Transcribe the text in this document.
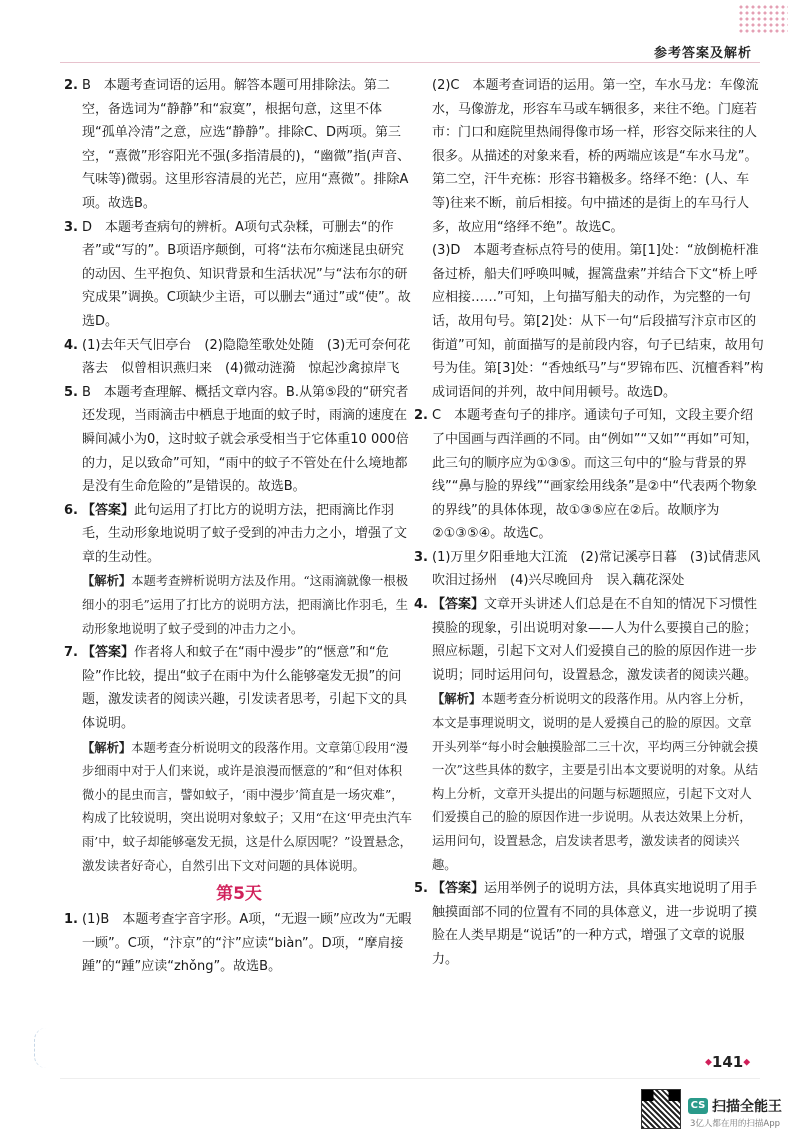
参考答案及解析
2. B　本题考查词语的运用。解答本题可用排除法。第二空，备选词为“静静”和“寂寞”，根据句意，这里不体现“孤单冷清”之意，应选“静静”。排除C、D两项。第三空，“熹微”形容阳光不强(多指清晨的)，“幽微”指(声音、气味等)微弱。这里形容清晨的光芒，应用“熹微”。排除A项。故选B。

3. D　本题考查病句的辨析。A项句式杂糅，可删去“的作者”或“写的”。B项语序颠倒，可将“法布尔痴迷昆虫研究的动因、生平抱负、知识背景和生活状况”与“法布尔的研究成果”调换。C项缺少主语，可以删去“通过”或“使”。故选D。

4. (1)去年天气旧亭台　(2)隐隐笙歌处处随　(3)无可奈何花落去　似曾相识燕归来　(4)微动涟漪　惊起沙禽掠岸飞

5. B　本题考查理解、概括文章内容。B.从第⑤段的“研究者还发现，当雨滴击中栖息于地面的蚊子时，雨滴的速度在瞬间减小为0，这时蚊子就会承受相当于它体重10 000倍的力，足以致命”可知，“雨中的蚊子不管处在什么境地都是没有生命危险的”是错误的。故选B。

6. 【答案】此句运用了打比方的说明方法，把雨滴比作羽毛，生动形象地说明了蚊子受到的冲击力之小，增强了文章的生动性。

【解析】本题考查辨析说明方法及作用。“这雨滴就像一根极细小的羽毛”运用了打比方的说明方法，把雨滴比作羽毛，生动形象地说明了蚊子受到的冲击力之小。

7. 【答案】作者将人和蚊子在“雨中漫步”的“惬意”和“危险”作比较，提出“蚊子在雨中为什么能够毫发无损”的问题，激发读者的阅读兴趣，引发读者思考，引起下文的具体说明。

【解析】本题考查分析说明文的段落作用。文章第①段用“漫步细雨中对于人们来说，或许是浪漫而惬意的”和“但对体积微小的昆虫而言，譬如蚊子，‘雨中漫步’简直是一场灾难”，构成了比较说明，突出说明对象蚊子；又用“在这‘甲壳虫汽车雨’中，蚊子却能够毫发无损，这是什么原因呢？”设置悬念，激发读者好奇心，自然引出下文对问题的具体说明。

第5天
1. (1)B　本题考查字音字形。A项，“无遐一顾”应改为“无暇一顾”。C项，“汴京”的“汴”应读“biàn”。D项，“摩肩接踵”的“踵”应读“zhǒng”。故选B。

(2)C　本题考查词语的运用。第一空，车水马龙：车像流水，马像游龙，形容车马或车辆很多，来往不绝。门庭若市：门口和庭院里热闹得像市场一样，形容交际来往的人很多。从描述的对象来看，桥的两端应该是“车水马龙”。第二空，汗牛充栋：形容书籍极多。络绎不绝：(人、车等)往来不断，前后相接。句中描述的是街上的车马行人多，故应用“络绎不绝”。故选C。

(3)D　本题考查标点符号的使用。第[1]处：“放倒桅杆准备过桥，船夫们呼唤叫喊，握篙盘索”并结合下文“桥上呼应相接……”可知，上句描写船夫的动作，为完整的一句话，故用句号。第[2]处：从下一句“后段描写汴京市区的街道”可知，前面描写的是前段内容，句子已结束，故用句号为佳。第[3]处：“香烛纸马”与“罗锦布匹、沉檀香料”构成词语间的并列，故中间用顿号。故选D。

2. C　本题考查句子的排序。通读句子可知，文段主要介绍了中国画与西洋画的不同。由“例如”“又如”“再如”可知，此三句的顺序应为①③⑤。而这三句中的“脸与背景的界线”“鼻与脸的界线”“画家绘用线条”是②中“代表两个物象的界线”的具体体现，故①③⑤应在②后。故顺序为②①③⑤④。故选C。

3. (1)万里夕阳垂地大江流　(2)常记溪亭日暮　(3)试倩悲风吹泪过扬州　(4)兴尽晚回舟　误入藕花深处

4. 【答案】文章开头讲述人们总是在不自知的情况下习惯性摸脸的现象，引出说明对象——人为什么要摸自己的脸；照应标题，引起下文对人们爱摸自己的脸的原因作进一步说明；同时运用问句，设置悬念，激发读者的阅读兴趣。

【解析】本题考查分析说明文的段落作用。从内容上分析，本文是事理说明文，说明的是人爱摸自己的脸的原因。文章开头列举“每小时会触摸脸部二三十次，平均两三分钟就会摸一次”这些具体的数字，主要是引出本文要说明的对象。从结构上分析，文章开头提出的问题与标题照应，引起下文对人们爱摸自己的脸的原因作进一步说明。从表达效果上分析，运用问句，设置悬念，启发读者思考，激发读者的阅读兴趣。

5. 【答案】运用举例子的说明方法，具体真实地说明了用手触摸面部不同的位置有不同的具体意义，进一步说明了摸脸在人类早期是“说话”的一种方式，增强了文章的说服力。

◆141◆
CS 扫描全能王
3亿人都在用的扫描App
